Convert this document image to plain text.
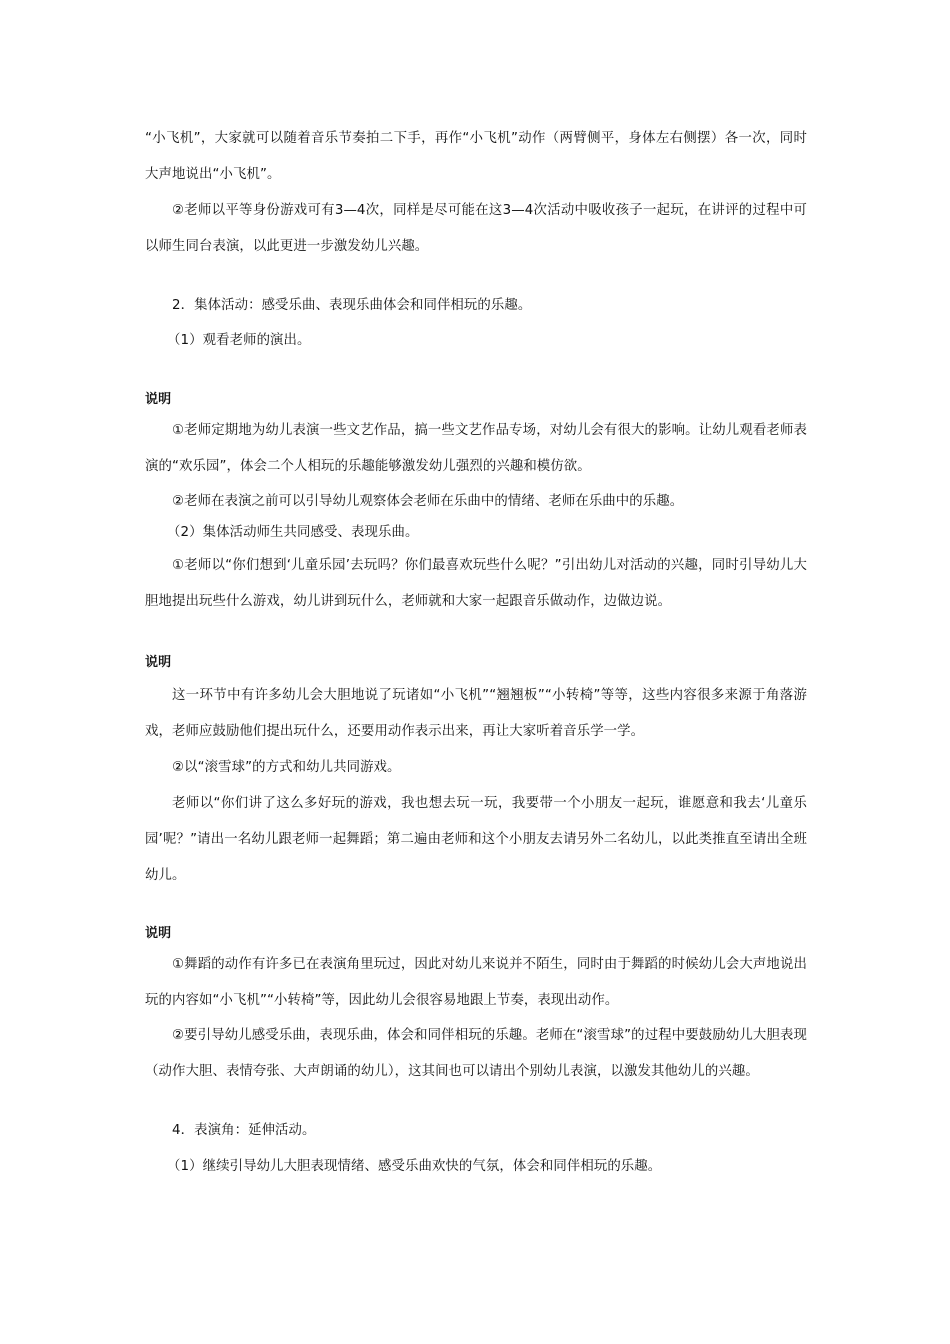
“小飞机”，大家就可以随着音乐节奏拍二下手，再作“小飞机”动作（两臂侧平，身体左右侧摆）各一次，同时大声地说出“小飞机”。

②老师以平等身份游戏可有3—4次，同样是尽可能在这3—4次活动中吸收孩子一起玩，在讲评的过程中可以师生同台表演，以此更进一步激发幼儿兴趣。

2．集体活动：感受乐曲、表现乐曲体会和同伴相玩的乐趣。

（1）观看老师的演出。

说明

①老师定期地为幼儿表演一些文艺作品，搞一些文艺作品专场，对幼儿会有很大的影响。让幼儿观看老师表演的“欢乐园”，体会二个人相玩的乐趣能够激发幼儿强烈的兴趣和模仿欲。

②老师在表演之前可以引导幼儿观察体会老师在乐曲中的情绪、老师在乐曲中的乐趣。

（2）集体活动师生共同感受、表现乐曲。

①老师以“你们想到‘儿童乐园’去玩吗？你们最喜欢玩些什么呢？”引出幼儿对活动的兴趣，同时引导幼儿大胆地提出玩些什么游戏，幼儿讲到玩什么，老师就和大家一起跟音乐做动作，边做边说。

说明

这一环节中有许多幼儿会大胆地说了玩诸如“小飞机”“翘翘板”“小转椅”等等，这些内容很多来源于角落游戏，老师应鼓励他们提出玩什么，还要用动作表示出来，再让大家听着音乐学一学。

②以“滚雪球”的方式和幼儿共同游戏。

老师以“你们讲了这么多好玩的游戏，我也想去玩一玩，我要带一个小朋友一起玩，谁愿意和我去‘儿童乐园’呢？”请出一名幼儿跟老师一起舞蹈；第二遍由老师和这个小朋友去请另外二名幼儿，以此类推直至请出全班幼儿。

说明

①舞蹈的动作有许多已在表演角里玩过，因此对幼儿来说并不陌生，同时由于舞蹈的时候幼儿会大声地说出玩的内容如“小飞机”“小转椅”等，因此幼儿会很容易地跟上节奏，表现出动作。

②要引导幼儿感受乐曲，表现乐曲，体会和同伴相玩的乐趣。老师在“滚雪球”的过程中要鼓励幼儿大胆表现（动作大胆、表情夸张、大声朗诵的幼儿），这其间也可以请出个别幼儿表演，以激发其他幼儿的兴趣。

4．表演角：延伸活动。

（1）继续引导幼儿大胆表现情绪、感受乐曲欢快的气氛，体会和同伴相玩的乐趣。
